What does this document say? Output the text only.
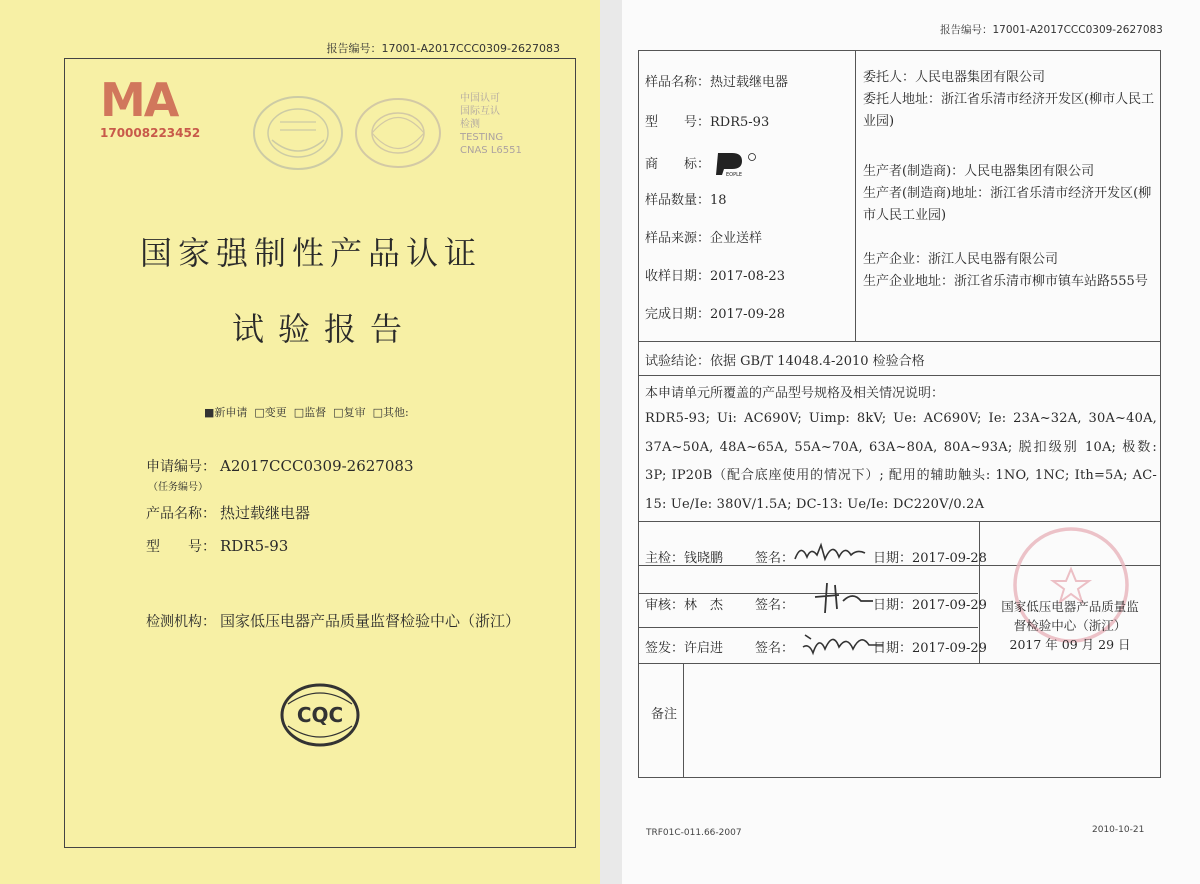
报告编号：17001-A2017CCC0309-2627083
MA
170008223452
中国认可
国际互认
检测
TESTING
CNAS L6551
国家强制性产品认证
试验报告
■新申请  □变更  □监督  □复审  □其他:
申请编号： A2017CCC0309-2627083
（任务编号）
产品名称： 热过载继电器
型　　号： RDR5-93
检测机构： 国家低压电器产品质量监督检验中心（浙江）
CQC
报告编号：17001-A2017CCC0309-2627083
样品名称：热过载继电器
型　　号：RDR5-93
商　　标：
EOPLE
样品数量：18
样品来源：企业送样
收样日期：2017-08-23
完成日期：2017-09-28
委托人：人民电器集团有限公司
委托人地址：浙江省乐清市经济开发区(柳市人民工业园)
生产者(制造商)：人民电器集团有限公司
生产者(制造商)地址：浙江省乐清市经济开发区(柳市人民工业园)
生产企业：浙江人民电器有限公司
生产企业地址：浙江省乐清市柳市镇车站路555号
试验结论：依据 GB/T 14048.4-2010 检验合格
本申请单元所覆盖的产品型号规格及相关情况说明：
RDR5-93; Ui: AC690V; Uimp: 8kV; Ue: AC690V; Ie: 23A~32A, 30A~40A, 37A~50A, 48A~65A, 55A~70A, 63A~80A, 80A~93A; 脱扣级别 10A; 极数: 3P; IP20B（配合底座使用的情况下）; 配用的辅助触头: 1NO, 1NC; Ith=5A; AC-15: Ue/Ie: 380V/1.5A; DC-13: Ue/Ie: DC220V/0.2A
主检：钱晓鹏 签名：	日期：2017-09-28
审核：林　杰 签名：	日期：2017-09-29
签发：许启进 签名：	日期：2017-09-29
国家低压电器产品质量监
督检验中心（浙江）
2017 年 09 月 29 日
备注
TRF01C-011.66-2007	2010-10-21
